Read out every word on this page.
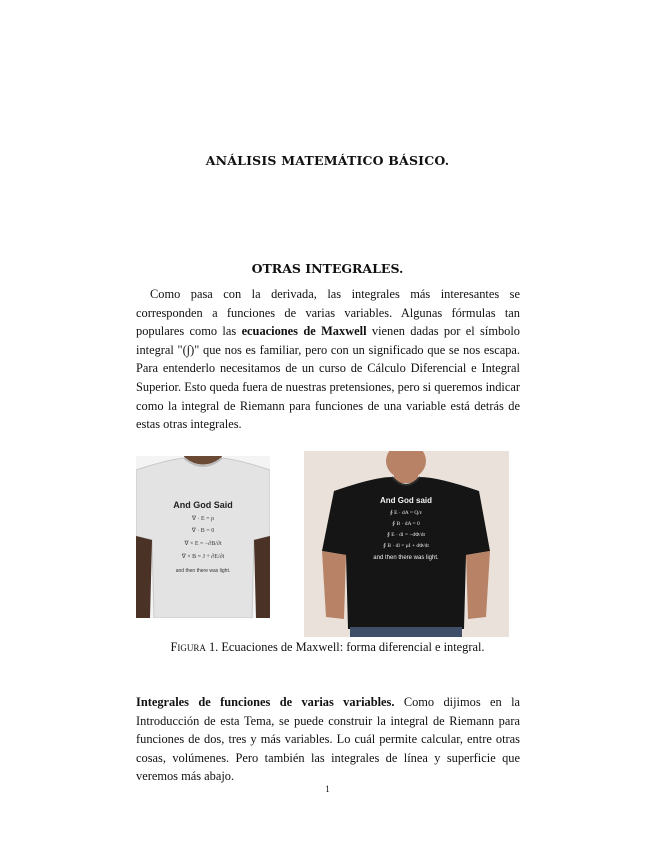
ANÁLISIS MATEMÁTICO BÁSICO.
OTRAS INTEGRALES.

Como pasa con la derivada, las integrales más interesantes se corresponden a funciones de varias variables. Algunas fórmulas tan populares como las ecuaciones de Maxwell vienen dadas por el símbolo integral "(∫)" que nos es familiar, pero con un significado que se nos escapa. Para entenderlo necesitamos de un curso de Cálculo Diferencial e Integral Superior. Esto queda fuera de nuestras pretensiones, pero si queremos indicar como la integral de Riemann para funciones de una variable está detrás de estas otras integrales.

And God Said
∇ · E = ρ
∇ · B = 0
∇ × E = −∂B/∂t
∇ × B = J + ∂E/∂t
and then there was light.
And God said
∮ E · dA = Q/ε
∮ B · dA = 0
∮ E · dl = −dΦ/dt
∮ B · dl = μI + dΦ/dt
and then there was light.
Figura 1. Ecuaciones de Maxwell: forma diferencial e integral.

Integrales de funciones de varias variables. Como dijimos en la Introducción de esta Tema, se puede construir la integral de Riemann para funciones de dos, tres y más variables. Lo cuál permite calcular, entre otras cosas, volúmenes. Pero también las integrales de línea y superficie que veremos más abajo.

1
